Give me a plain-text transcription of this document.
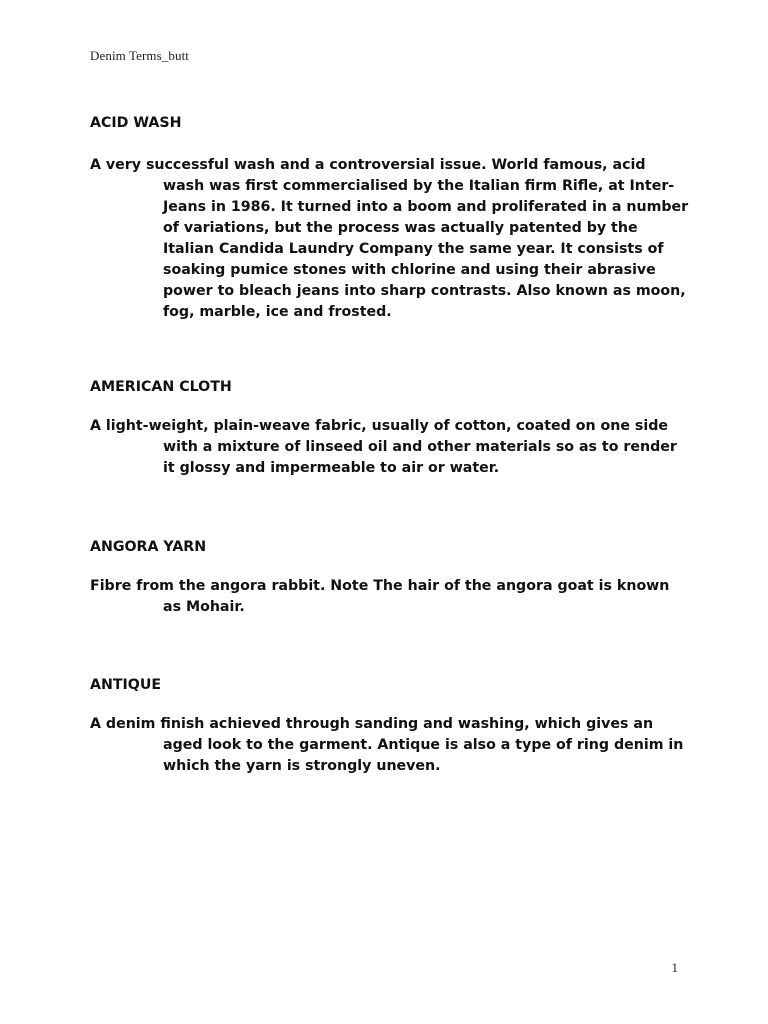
Denim Terms_butt

ACID WASH

A very successful wash and a controversial issue. World famous, acid wash was first commercialised by the Italian firm Rifle, at Inter-Jeans in 1986. It turned into a boom and proliferated in a number of variations, but the process was actually patented by the Italian Candida Laundry Company the same year. It consists of soaking pumice stones with chlorine and using their abrasive power to bleach jeans into sharp contrasts. Also known as moon, fog, marble, ice and frosted.

AMERICAN CLOTH

A light-weight, plain-weave fabric, usually of cotton, coated on one side with a mixture of linseed oil and other materials so as to render it glossy and impermeable to air or water.

ANGORA YARN

Fibre from the angora rabbit. Note The hair of the angora goat is known as Mohair.

ANTIQUE

A denim finish achieved through sanding and washing, which gives an aged look to the garment. Antique is also a type of ring denim in which the yarn is strongly uneven.

1
